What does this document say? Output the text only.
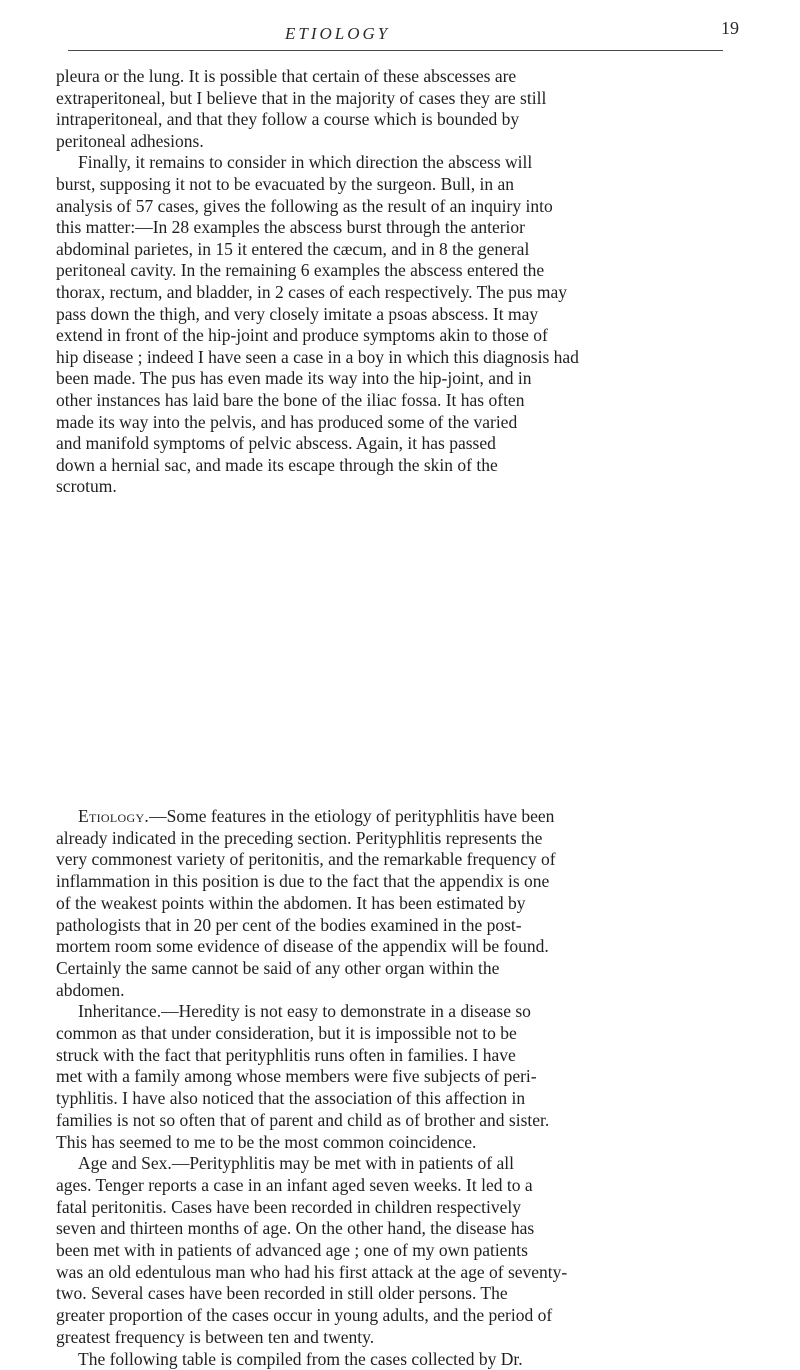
ETIOLOGY	19
pleura or the lung. It is possible that certain of these abscesses are
extraperitoneal, but I believe that in the majority of cases they are still
intraperitoneal, and that they follow a course which is bounded by
peritoneal adhesions.
Finally, it remains to consider in which direction the abscess will
burst, supposing it not to be evacuated by the surgeon. Bull, in an
analysis of 57 cases, gives the following as the result of an inquiry into
this matter:—In 28 examples the abscess burst through the anterior
abdominal parietes, in 15 it entered the cæcum, and in 8 the general
peritoneal cavity. In the remaining 6 examples the abscess entered the
thorax, rectum, and bladder, in 2 cases of each respectively. The pus may
pass down the thigh, and very closely imitate a psoas abscess. It may
extend in front of the hip-joint and produce symptoms akin to those of
hip disease ; indeed I have seen a case in a boy in which this diagnosis had
been made. The pus has even made its way into the hip-joint, and in
other instances has laid bare the bone of the iliac fossa. It has often
made its way into the pelvis, and has produced some of the varied
and manifold symptoms of pelvic abscess. Again, it has passed
down a hernial sac, and made its escape through the skin of the
scrotum.
Etiology.—Some features in the etiology of perityphlitis have been
already indicated in the preceding section. Perityphlitis represents the
very commonest variety of peritonitis, and the remarkable frequency of
inflammation in this position is due to the fact that the appendix is one
of the weakest points within the abdomen. It has been estimated by
pathologists that in 20 per cent of the bodies examined in the post-
mortem room some evidence of disease of the appendix will be found.
Certainly the same cannot be said of any other organ within the
abdomen.
Inheritance.—Heredity is not easy to demonstrate in a disease so
common as that under consideration, but it is impossible not to be
struck with the fact that perityphlitis runs often in families. I have
met with a family among whose members were five subjects of peri-
typhlitis. I have also noticed that the association of this affection in
families is not so often that of parent and child as of brother and sister.
This has seemed to me to be the most common coincidence.
Age and Sex.—Perityphlitis may be met with in patients of all
ages. Tenger reports a case in an infant aged seven weeks. It led to a
fatal peritonitis. Cases have been recorded in children respectively
seven and thirteen months of age. On the other hand, the disease has
been met with in patients of advanced age ; one of my own patients
was an old edentulous man who had his first attack at the age of seventy-
two. Several cases have been recorded in still older persons. The
greater proportion of the cases occur in young adults, and the period of
greatest frequency is between ten and twenty.
The following table is compiled from the cases collected by Dr.
